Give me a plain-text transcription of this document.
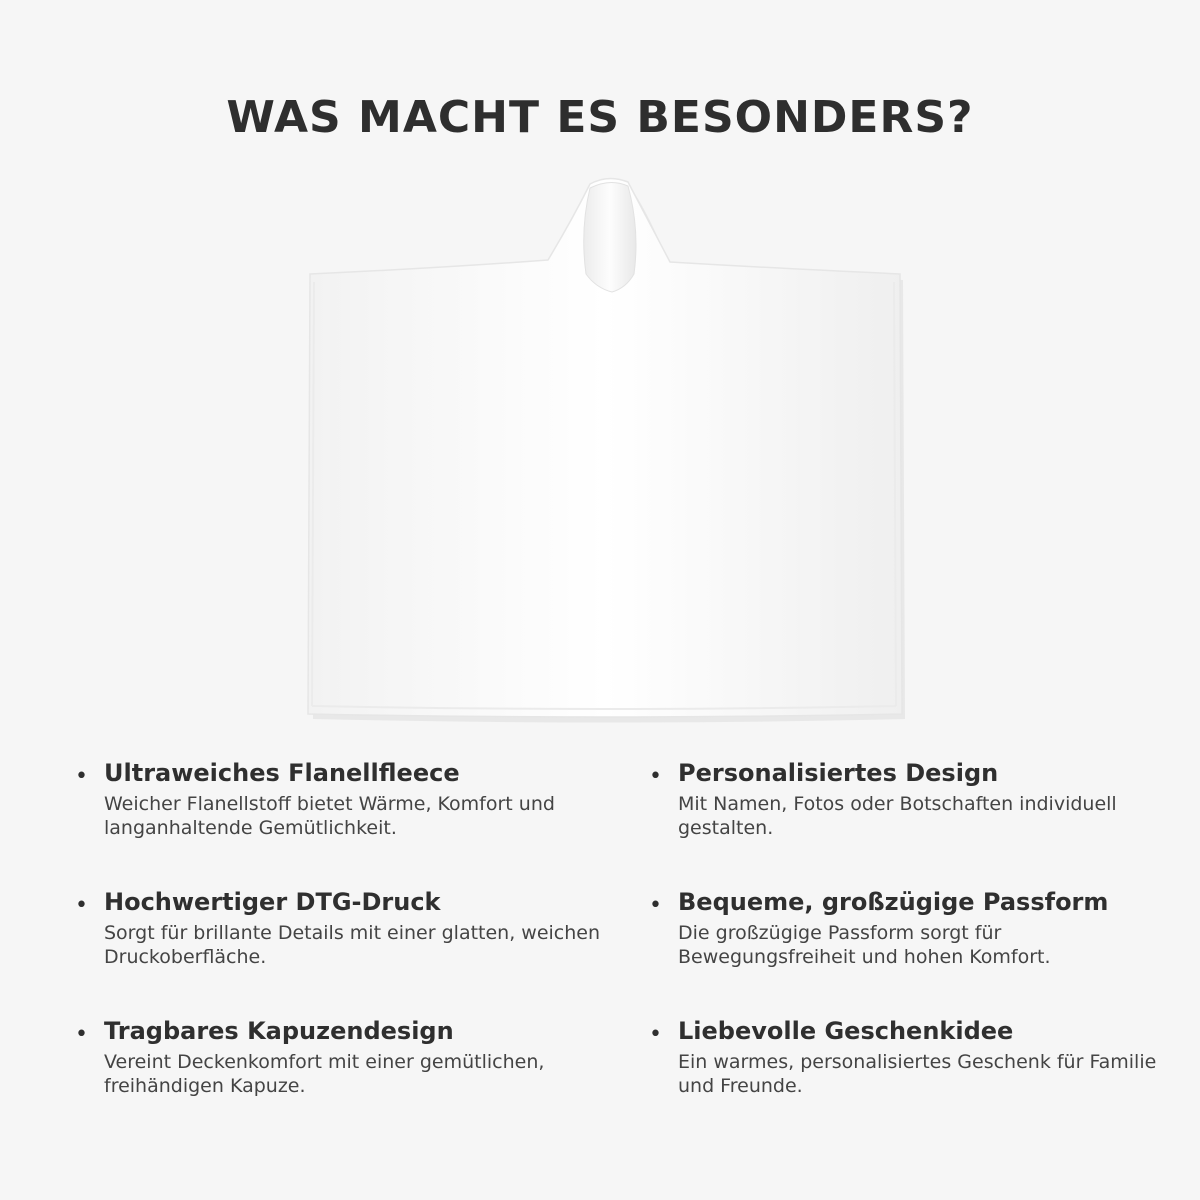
WAS MACHT ES BESONDERS?
• Ultraweiches Flanellfleece
Weicher Flanellstoff bietet Wärme, Komfort und langanhaltende Gemütlichkeit.
• Personalisiertes Design
Mit Namen, Fotos oder Botschaften individuell gestalten.
• Hochwertiger DTG-Druck
Sorgt für brillante Details mit einer glatten, weichen Druckoberfläche.
• Bequeme, großzügige Passform
Die großzügige Passform sorgt für Bewegungsfreiheit und hohen Komfort.
• Tragbares Kapuzendesign
Vereint Deckenkomfort mit einer gemütlichen, freihändigen Kapuze.
• Liebevolle Geschenkidee
Ein warmes, personalisiertes Geschenk für Familie und Freunde.
